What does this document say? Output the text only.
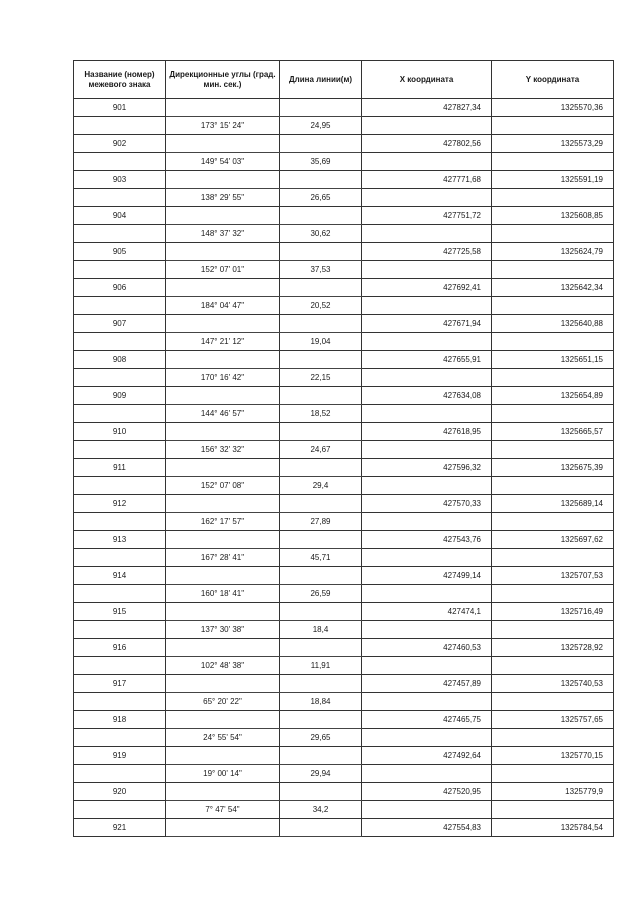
Название (номер) межевого знака	Дирекционные углы (град. мин. сек.)	Длина линии(м)	X координата	Y координата
901			427827,34	1325570,36
	173° 15' 24"	24,95		
902			427802,56	1325573,29
	149° 54' 03"	35,69		
903			427771,68	1325591,19
	138° 29' 55"	26,65		
904			427751,72	1325608,85
	148° 37' 32"	30,62		
905			427725,58	1325624,79
	152° 07' 01"	37,53		
906			427692,41	1325642,34
	184° 04' 47"	20,52		
907			427671,94	1325640,88
	147° 21' 12"	19,04		
908			427655,91	1325651,15
	170° 16' 42"	22,15		
909			427634,08	1325654,89
	144° 46' 57"	18,52		
910			427618,95	1325665,57
	156° 32' 32"	24,67		
911			427596,32	1325675,39
	152° 07' 08"	29,4		
912			427570,33	1325689,14
	162° 17' 57"	27,89		
913			427543,76	1325697,62
	167° 28' 41"	45,71		
914			427499,14	1325707,53
	160° 18' 41"	26,59		
915			427474,1	1325716,49
	137° 30' 38"	18,4		
916			427460,53	1325728,92
	102° 48' 38"	11,91		
917			427457,89	1325740,53
	65° 20' 22"	18,84		
918			427465,75	1325757,65
	24° 55' 54"	29,65		
919			427492,64	1325770,15
	19° 00' 14"	29,94		
920			427520,95	1325779,9
	7° 47' 54"	34,2		
921			427554,83	1325784,54
